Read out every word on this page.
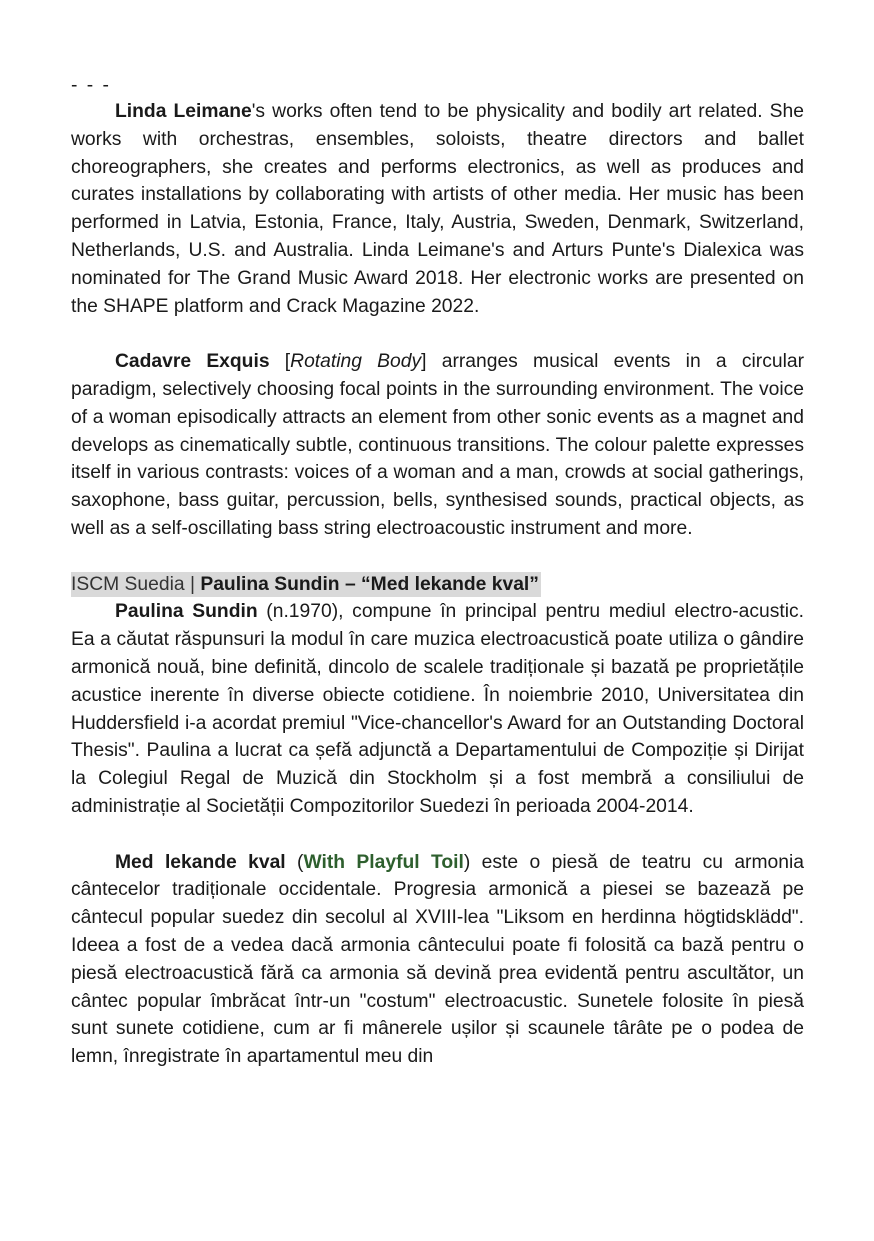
- - -

Linda Leimane's works often tend to be physicality and bodily art related. She works with orchestras, ensembles, soloists, theatre directors and ballet choreographers, she creates and performs electronics, as well as produces and curates installations by collaborating with artists of other media. Her music has been performed in Latvia, Estonia, France, Italy, Austria, Sweden, Denmark, Switzerland, Netherlands, U.S. and Australia. Linda Leimane's and Arturs Punte's Dialexica was nominated for The Grand Music Award 2018. Her electronic works are presented on the SHAPE platform and Crack Magazine 2022.

Cadavre Exquis [Rotating Body] arranges musical events in a circular paradigm, selectively choosing focal points in the surrounding environment. The voice of a woman episodically attracts an element from other sonic events as a magnet and develops as cinematically subtle, continuous transitions. The colour palette expresses itself in various contrasts: voices of a woman and a man, crowds at social gatherings, saxophone, bass guitar, percussion, bells, synthesised sounds, practical objects, as well as a self-oscillating bass string electroacoustic instrument and more.

ISCM Suedia | Paulina Sundin – “Med lekande kval”

Paulina Sundin (n.1970), compune în principal pentru mediul electro-acustic. Ea a căutat răspunsuri la modul în care muzica electroacustică poate utiliza o gândire armonică nouă, bine definită, dincolo de scalele tradiționale și bazată pe proprietățile acustice inerente în diverse obiecte cotidiene. În noiembrie 2010, Universitatea din Huddersfield i-a acordat premiul "Vice-chancellor's Award for an Outstanding Doctoral Thesis". Paulina a lucrat ca șefă adjunctă a Departamentului de Compoziție și Dirijat la Colegiul Regal de Muzică din Stockholm și a fost membră a consiliului de administrație al Societății Compozitorilor Suedezi în perioada 2004-2014.

Med lekande kval (With Playful Toil) este o piesă de teatru cu armonia cântecelor tradiționale occidentale. Progresia armonică a piesei se bazează pe cântecul popular suedez din secolul al XVIII-lea "Liksom en herdinna högtidsklädd". Ideea a fost de a vedea dacă armonia cântecului poate fi folosită ca bază pentru o piesă electroacustică fără ca armonia să devină prea evidentă pentru ascultător, un cântec popular îmbrăcat într-un "costum" electroacustic. Sunetele folosite în piesă sunt sunete cotidiene, cum ar fi mânerele ușilor și scaunele târâte pe o podea de lemn, înregistrate în apartamentul meu din
